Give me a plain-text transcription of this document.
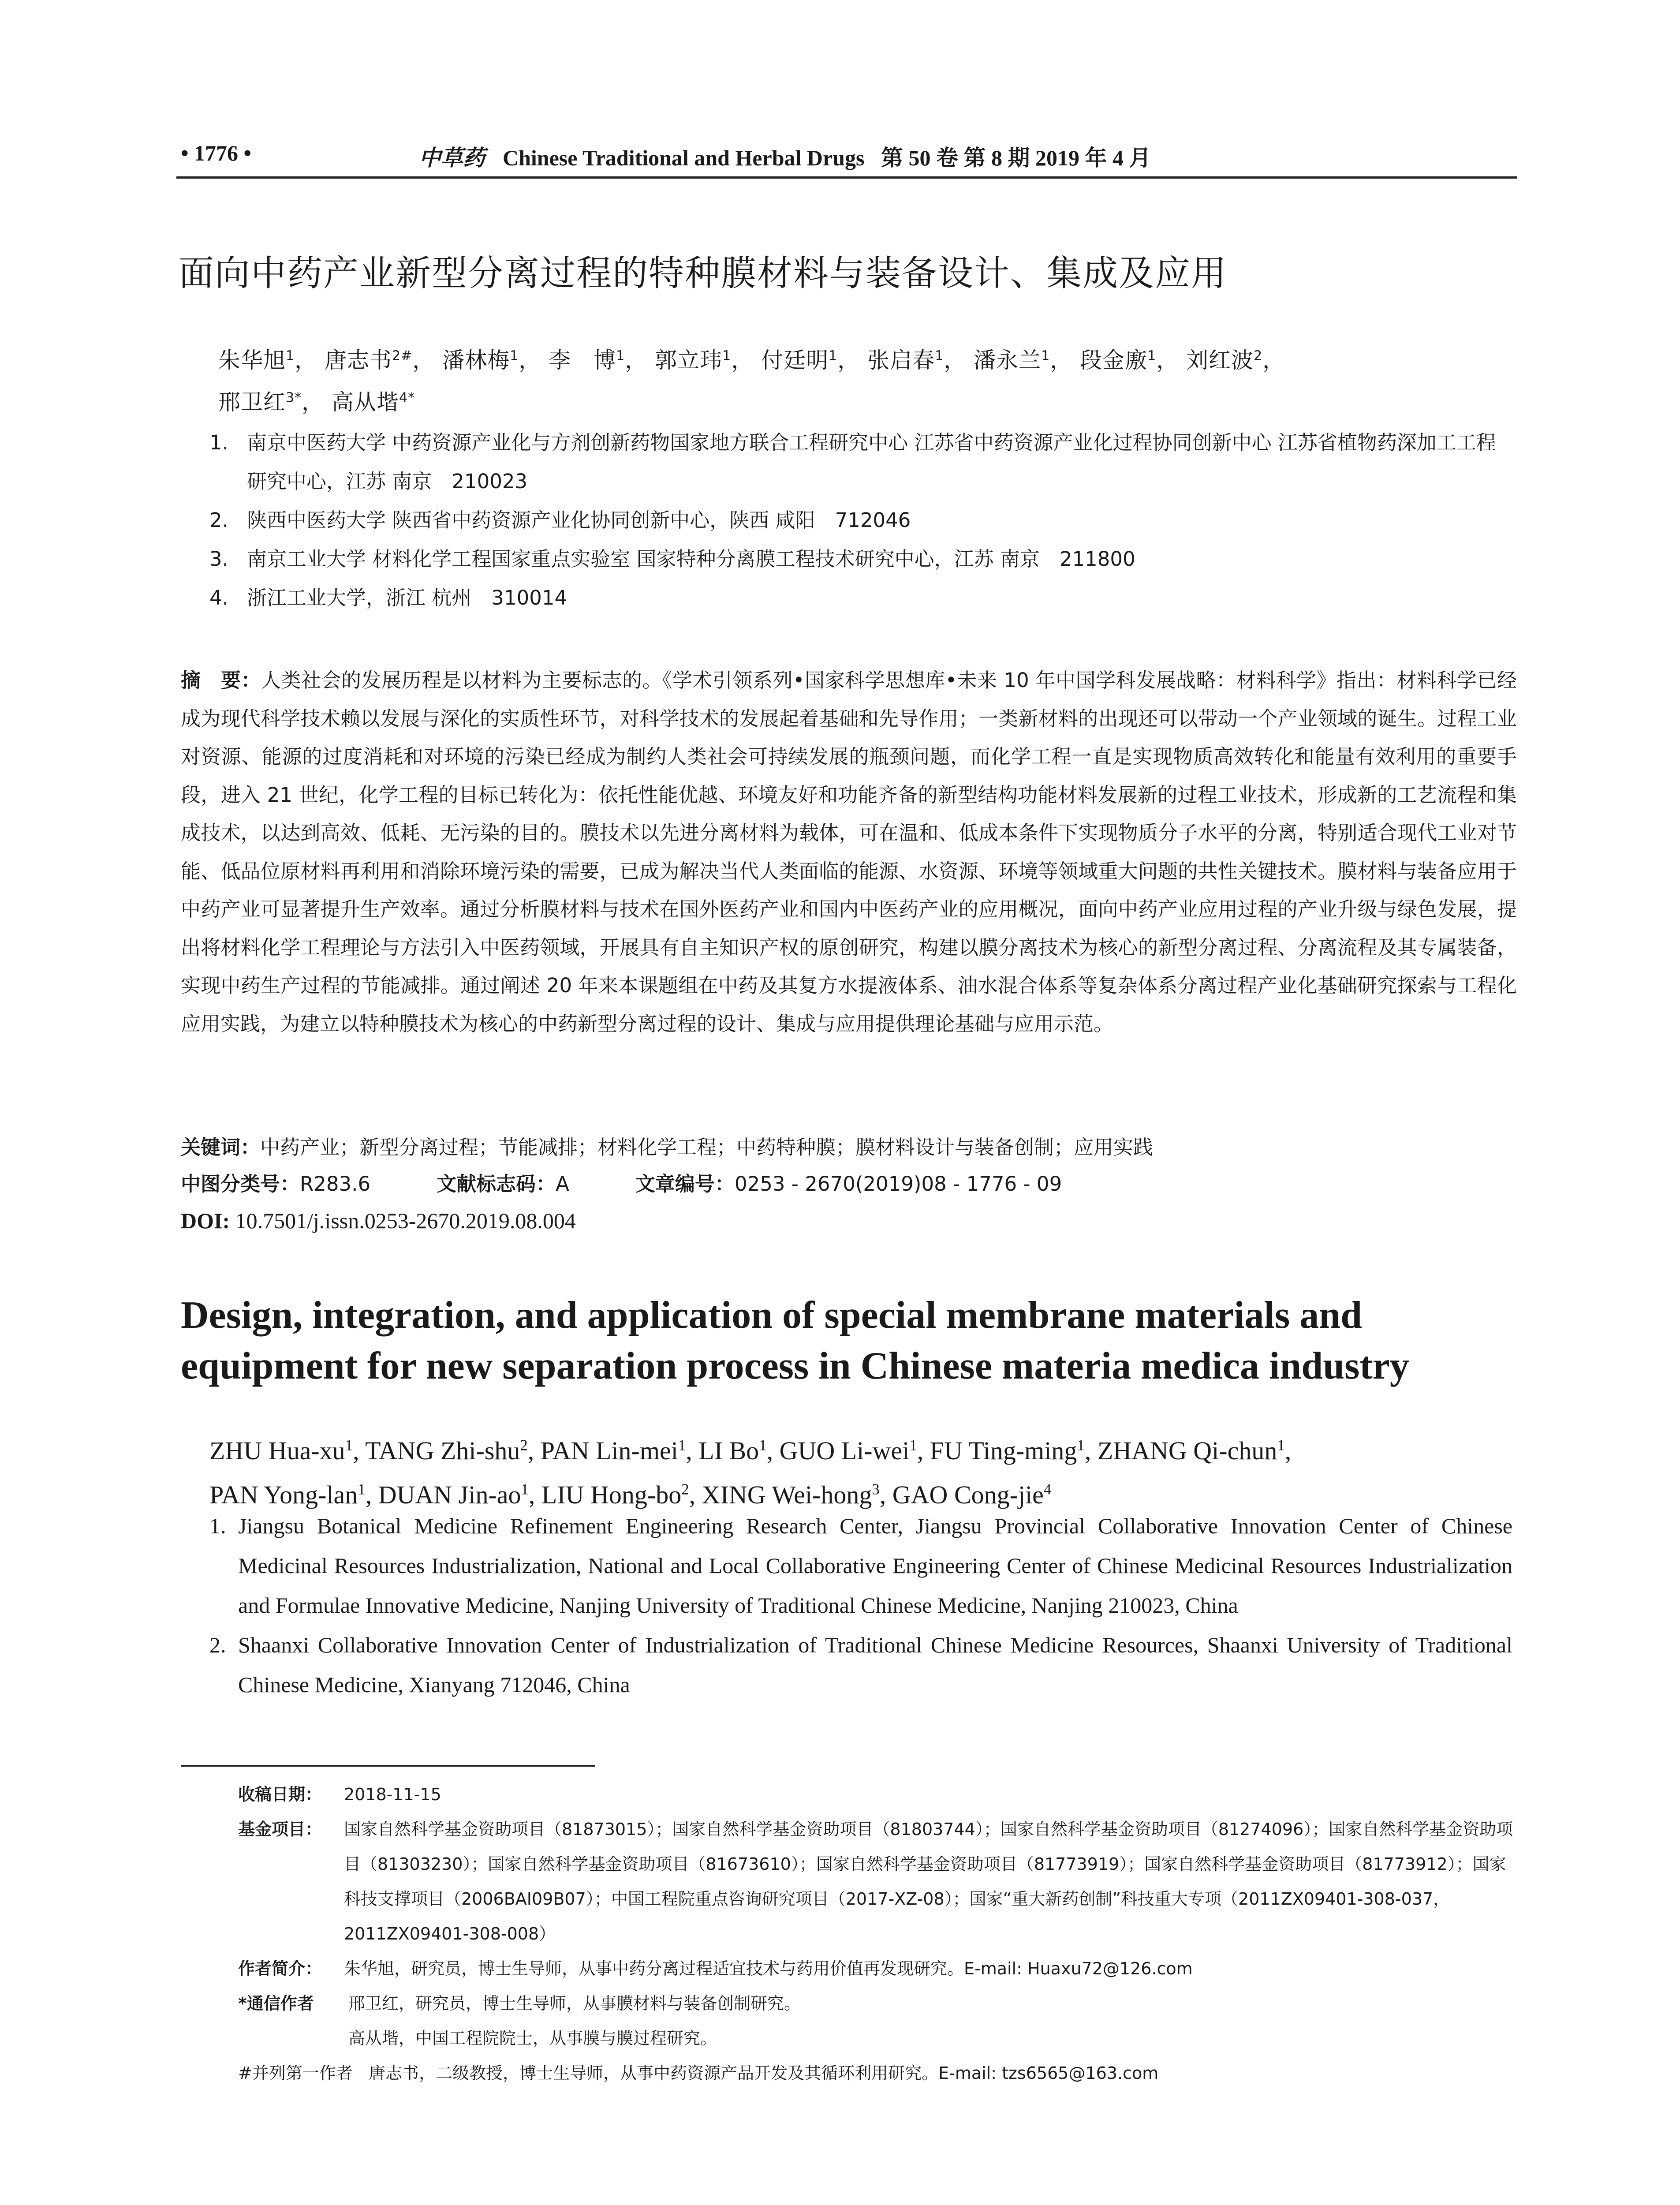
• 1776 •	中草药 Chinese Traditional and Herbal Drugs 第 50 卷 第 8 期 2019 年 4 月
面向中药产业新型分离过程的特种膜材料与装备设计、集成及应用
朱华旭$^1$， 唐志书$^{2\#}$， 潘林梅$^1$， 李　博$^1$， 郭立玮$^1$， 付廷明$^1$， 张启春$^1$， 潘永兰$^1$， 段金廒$^1$， 刘红波$^2$，
邢卫红$^{3*}$， 高从堦$^{4*}$
1. 南京中医药大学 中药资源产业化与方剂创新药物国家地方联合工程研究中心 江苏省中药资源产业化过程协同创新中心 江苏省植物药深加工工程研究中心，江苏 南京　210023
2. 陕西中医药大学 陕西省中药资源产业化协同创新中心，陕西 咸阳　712046
3. 南京工业大学 材料化学工程国家重点实验室 国家特种分离膜工程技术研究中心，江苏 南京　211800
4. 浙江工业大学，浙江 杭州　310014
摘　要：人类社会的发展历程是以材料为主要标志的。《学术引领系列•国家科学思想库•未来 10 年中国学科发展战略：材料科学》指出：材料科学已经成为现代科学技术赖以发展与深化的实质性环节，对科学技术的发展起着基础和先导作用；一类新材料的出现还可以带动一个产业领域的诞生。过程工业对资源、能源的过度消耗和对环境的污染已经成为制约人类社会可持续发展的瓶颈问题，而化学工程一直是实现物质高效转化和能量有效利用的重要手段，进入 21 世纪，化学工程的目标已转化为：依托性能优越、环境友好和功能齐备的新型结构功能材料发展新的过程工业技术，形成新的工艺流程和集成技术，以达到高效、低耗、无污染的目的。膜技术以先进分离材料为载体，可在温和、低成本条件下实现物质分子水平的分离，特别适合现代工业对节能、低品位原材料再利用和消除环境污染的需要，已成为解决当代人类面临的能源、水资源、环境等领域重大问题的共性关键技术。膜材料与装备应用于中药产业可显著提升生产效率。通过分析膜材料与技术在国外医药产业和国内中医药产业的应用概况，面向中药产业应用过程的产业升级与绿色发展，提出将材料化学工程理论与方法引入中医药领域，开展具有自主知识产权的原创研究，构建以膜分离技术为核心的新型分离过程、分离流程及其专属装备，实现中药生产过程的节能减排。通过阐述 20 年来本课题组在中药及其复方水提液体系、油水混合体系等复杂体系分离过程产业化基础研究探索与工程化应用实践，为建立以特种膜技术为核心的中药新型分离过程的设计、集成与应用提供理论基础与应用示范。
关键词：中药产业；新型分离过程；节能减排；材料化学工程；中药特种膜；膜材料设计与装备创制；应用实践
中图分类号：R283.6	文献标志码：A	文章编号：0253 - 2670(2019)08 - 1776 - 09
DOI: 10.7501/j.issn.0253-2670.2019.08.004
Design, integration, and application of special membrane materials and equipment for new separation process in Chinese materia medica industry
ZHU Hua-$xu^1$, TANG Zhi-shu$^2$, PAN Lin-mei$^1$, LI Bo$^1$, GUO Li-wei$^1$, FU Ting-ming$^1$, ZHANG Qi-chun$^1$,
PAN Yong-lan$^1$, DUAN Jin-$ao^1$, LIU Hong-$bo^2$, XING Wei-hong$^3$, GAO Cong-jie$^4$
1. Jiangsu Botanical Medicine Refinement Engineering Research Center, Jiangsu Provincial Collaborative Innovation Center of Chinese Medicinal Resources Industrialization, National and Local Collaborative Engineering Center of Chinese Medicinal Resources Industrialization and Formulae Innovative Medicine, Nanjing University of Traditional Chinese Medicine, Nanjing 210023, China
2. Shaanxi Collaborative Innovation Center of Industrialization of Traditional Chinese Medicine Resources, Shaanxi University of Traditional Chinese Medicine, Xianyang 712046, China
收稿日期： 2018-11-15
基金项目： 国家自然科学基金资助项目（81873015）；国家自然科学基金资助项目（81803744）；国家自然科学基金资助项目（81274096）；国家自然科学基金资助项目（81303230）；国家自然科学基金资助项目（81673610）；国家自然科学基金资助项目（81773919）；国家自然科学基金资助项目（81773912）；国家科技支撑项目（2006BAI09B07）；中国工程院重点咨询研究项目（2017-XZ-08）；国家“重大新药创制”科技重大专项（2011ZX09401-308-037，2011ZX09401-308-008）
作者简介： 朱华旭，研究员，博士生导师，从事中药分离过程适宜技术与药用价值再发现研究。E-mail: Huaxu72@126.com
*通信作者 邢卫红，研究员，博士生导师，从事膜材料与装备创制研究。
高从堦，中国工程院院士，从事膜与膜过程研究。
#并列第一作者 唐志书，二级教授，博士生导师，从事中药资源产品开发及其循环利用研究。E-mail: tzs6565@163.com
